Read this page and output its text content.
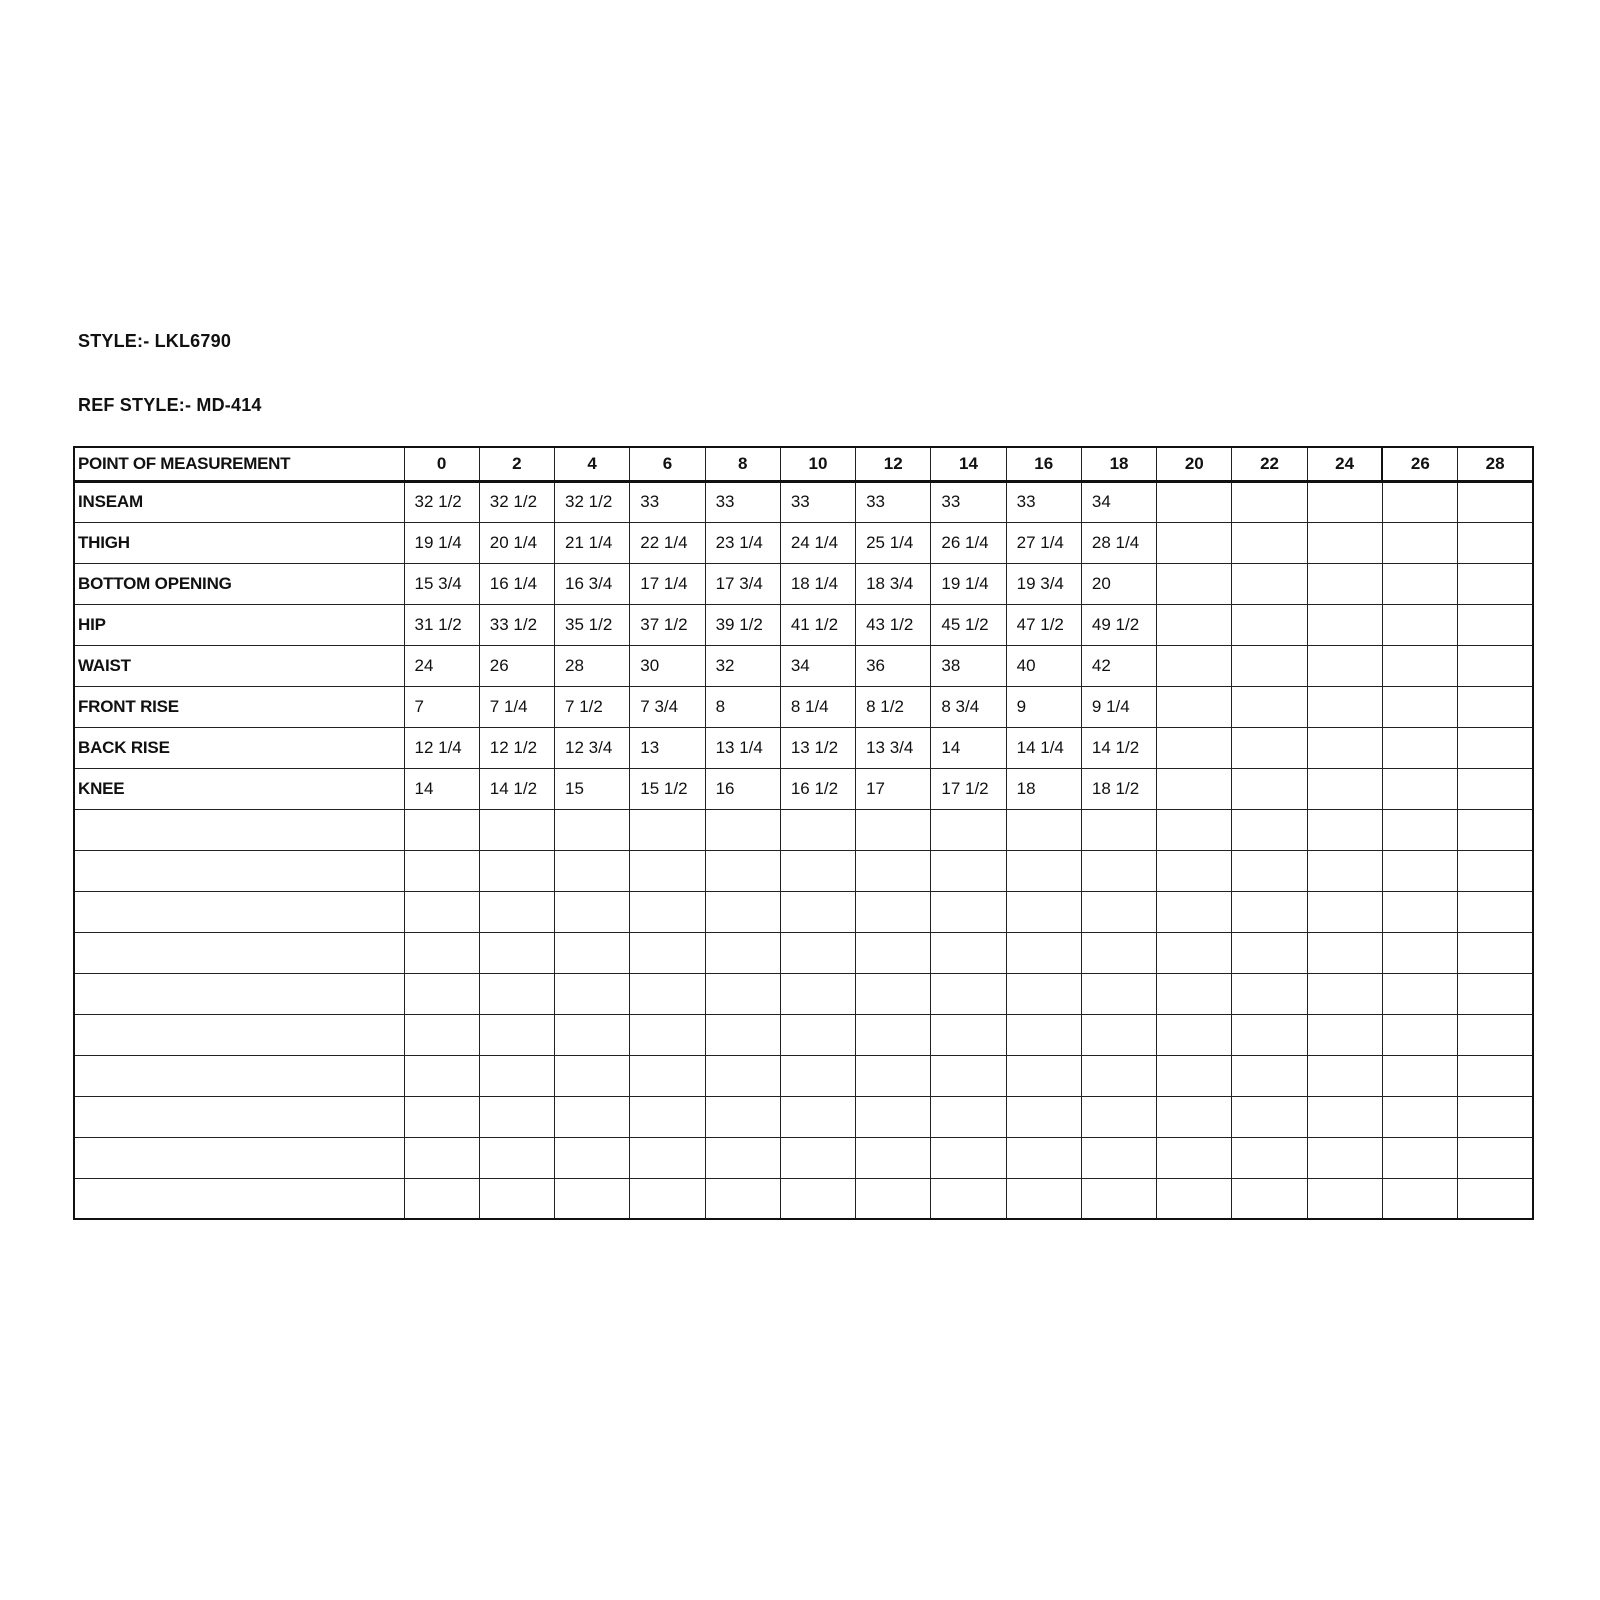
STYLE:- LKL6790
REF STYLE:- MD-414
POINT OF MEASUREMENT	0	2	4	6	8	10	12	14	16	18	20	22	24	26	28
INSEAM	32 1/2	32 1/2	32 1/2	33	33	33	33	33	33	34					
THIGH	19 1/4	20 1/4	21 1/4	22 1/4	23 1/4	24 1/4	25 1/4	26 1/4	27 1/4	28 1/4					
BOTTOM OPENING	15 3/4	16 1/4	16 3/4	17 1/4	17 3/4	18 1/4	18 3/4	19 1/4	19 3/4	20					
HIP	31 1/2	33 1/2	35 1/2	37 1/2	39 1/2	41 1/2	43 1/2	45 1/2	47 1/2	49 1/2					
WAIST	24	26	28	30	32	34	36	38	40	42					
FRONT RISE	7	7 1/4	7 1/2	7 3/4	8	8 1/4	8 1/2	8 3/4	9	9 1/4					
BACK RISE	12 1/4	12 1/2	12 3/4	13	13 1/4	13 1/2	13 3/4	14	14 1/4	14 1/2					
KNEE	14	14 1/2	15	15 1/2	16	16 1/2	17	17 1/2	18	18 1/2					
